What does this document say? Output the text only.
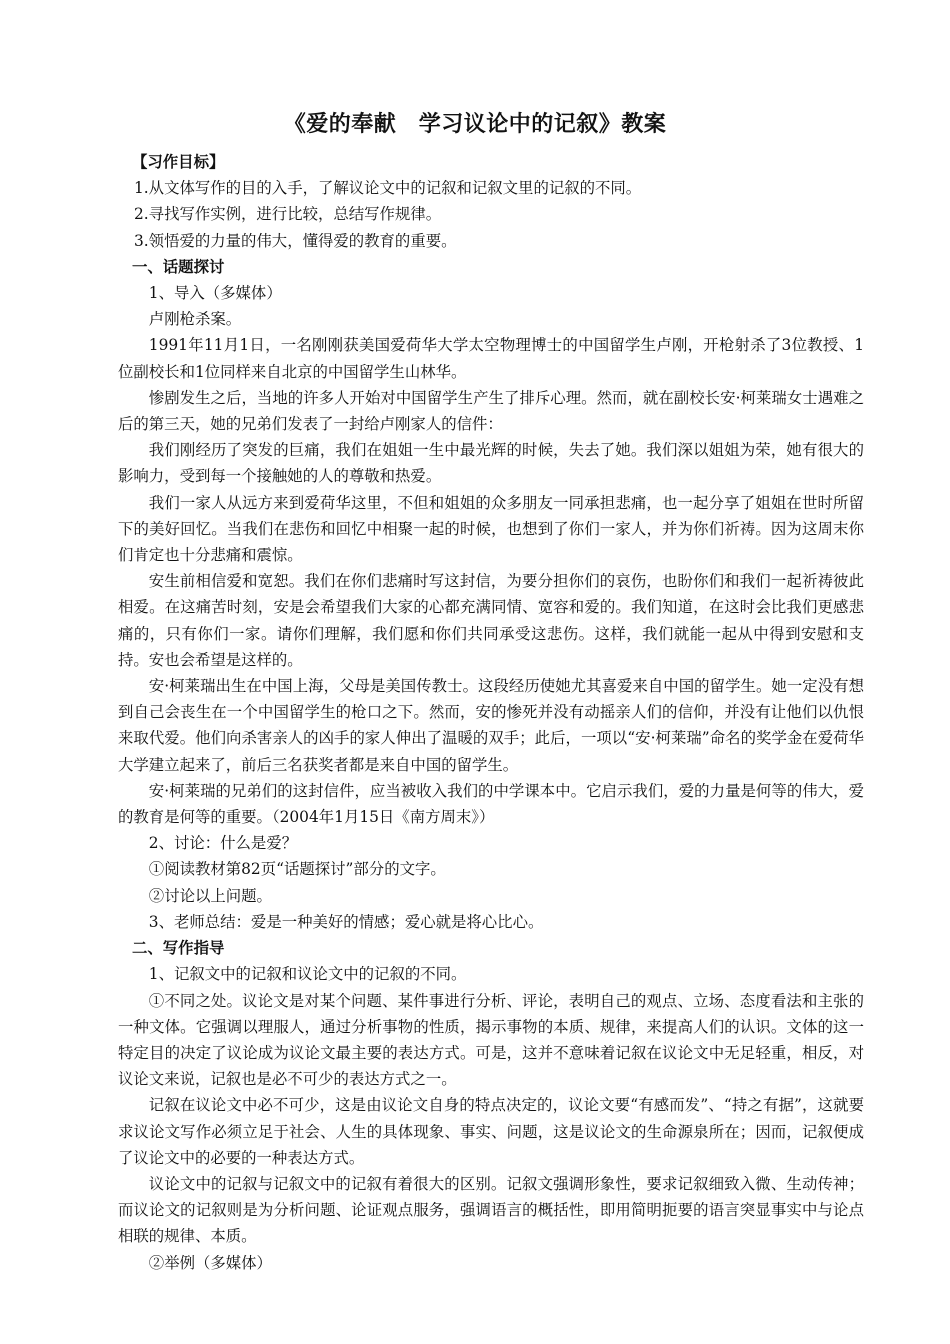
《爱的奉献　学习议论中的记叙》教案

【习作目标】

1.从文体写作的目的入手，了解议论文中的记叙和记叙文里的记叙的不同。

2.寻找写作实例，进行比较，总结写作规律。

3.领悟爱的力量的伟大，懂得爱的教育的重要。

一、话题探讨

1、导入（多媒体）

卢刚枪杀案。

1991年11月1日，一名刚刚获美国爱荷华大学太空物理博士的中国留学生卢刚，开枪射杀了3位教授、1位副校长和1位同样来自北京的中国留学生山林华。

惨剧发生之后，当地的许多人开始对中国留学生产生了排斥心理。然而，就在副校长安·柯莱瑞女士遇难之后的第三天，她的兄弟们发表了一封给卢刚家人的信件：

我们刚经历了突发的巨痛，我们在姐姐一生中最光辉的时候，失去了她。我们深以姐姐为荣，她有很大的影响力，受到每一个接触她的人的尊敬和热爱。

我们一家人从远方来到爱荷华这里，不但和姐姐的众多朋友一同承担悲痛，也一起分享了姐姐在世时所留下的美好回忆。当我们在悲伤和回忆中相聚一起的时候，也想到了你们一家人，并为你们祈祷。因为这周末你们肯定也十分悲痛和震惊。

安生前相信爱和宽恕。我们在你们悲痛时写这封信，为要分担你们的哀伤，也盼你们和我们一起祈祷彼此相爱。在这痛苦时刻，安是会希望我们大家的心都充满同情、宽容和爱的。我们知道，在这时会比我们更感悲痛的，只有你们一家。请你们理解，我们愿和你们共同承受这悲伤。这样，我们就能一起从中得到安慰和支持。安也会希望是这样的。

安·柯莱瑞出生在中国上海，父母是美国传教士。这段经历使她尤其喜爱来自中国的留学生。她一定没有想到自己会丧生在一个中国留学生的枪口之下。然而，安的惨死并没有动摇亲人们的信仰，并没有让他们以仇恨来取代爱。他们向杀害亲人的凶手的家人伸出了温暖的双手；此后，一项以“安·柯莱瑞”命名的奖学金在爱荷华大学建立起来了，前后三名获奖者都是来自中国的留学生。

安·柯莱瑞的兄弟们的这封信件，应当被收入我们的中学课本中。它启示我们，爱的力量是何等的伟大，爱的教育是何等的重要。（2004年1月15日《南方周末》）

2、讨论：什么是爱？

①阅读教材第82页“话题探讨”部分的文字。

②讨论以上问题。

3、老师总结：爱是一种美好的情感；爱心就是将心比心。

二、写作指导

1、记叙文中的记叙和议论文中的记叙的不同。

①不同之处。议论文是对某个问题、某件事进行分析、评论，表明自己的观点、立场、态度看法和主张的一种文体。它强调以理服人，通过分析事物的性质，揭示事物的本质、规律，来提高人们的认识。文体的这一特定目的决定了议论成为议论文最主要的表达方式。可是，这并不意味着记叙在议论文中无足轻重，相反，对议论文来说，记叙也是必不可少的表达方式之一。

记叙在议论文中必不可少，这是由议论文自身的特点决定的，议论文要“有感而发”、“持之有据”，这就要求议论文写作必须立足于社会、人生的具体现象、事实、问题，这是议论文的生命源泉所在；因而，记叙便成了议论文中的必要的一种表达方式。

议论文中的记叙与记叙文中的记叙有着很大的区别。记叙文强调形象性，要求记叙细致入微、生动传神；而议论文的记叙则是为分析问题、论证观点服务，强调语言的概括性，即用简明扼要的语言突显事实中与论点相联的规律、本质。

②举例（多媒体）
